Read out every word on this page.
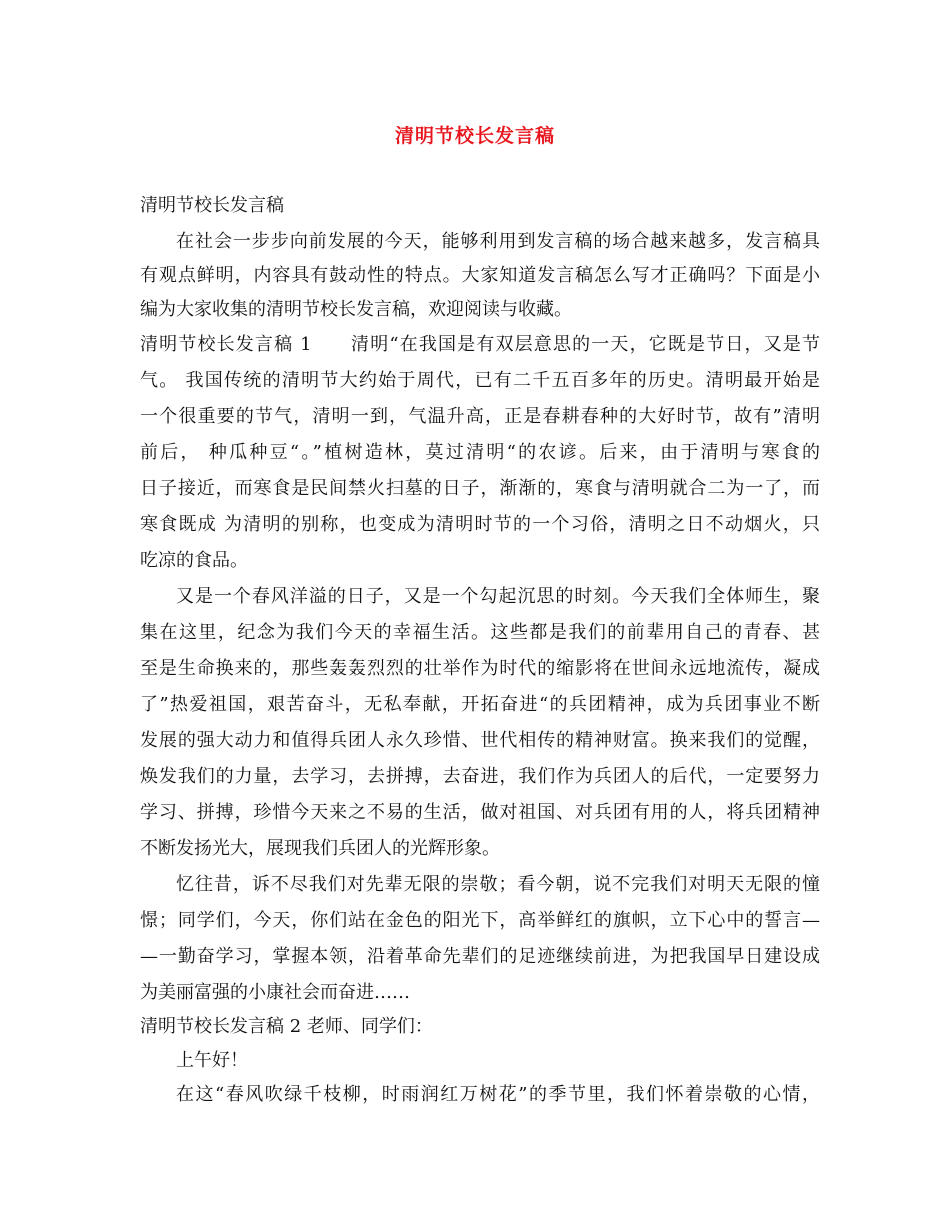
清明节校长发言稿
清明节校长发言稿
在社会一步步向前发展的今天，能够利用到发言稿的场合越来越多，发言稿具
有观点鲜明，内容具有鼓动性的特点。大家知道发言稿怎么写才正确吗？下面是小
编为大家收集的清明节校长发言稿，欢迎阅读与收藏。
清明节校长发言稿 1　　清明“在我国是有双层意思的一天，它既是节日，又是节
气。 我国传统的清明节大约始于周代，已有二千五百多年的历史。清明最开始是
一个很重要的节气，清明一到，气温升高，正是春耕春种的大好时节，故有”清明
前后， 种瓜种豆“。”植树造林，莫过清明“的农谚。后来，由于清明与寒食的
日子接近，而寒食是民间禁火扫墓的日子，渐渐的，寒食与清明就合二为一了，而
寒食既成 为清明的别称，也变成为清明时节的一个习俗，清明之日不动烟火，只
吃凉的食品。
又是一个春风洋溢的日子，又是一个勾起沉思的时刻。今天我们全体师生，聚
集在这里，纪念为我们今天的幸福生活。这些都是我们的前辈用自己的青春、甚
至是生命换来的，那些轰轰烈烈的壮举作为时代的缩影将在世间永远地流传，凝成
了”热爱祖国，艰苦奋斗，无私奉献，开拓奋进“的兵团精神，成为兵团事业不断
发展的强大动力和值得兵团人永久珍惜、世代相传的精神财富。换来我们的觉醒，
焕发我们的力量，去学习，去拼搏，去奋进，我们作为兵团人的后代，一定要努力
学习、拼搏，珍惜今天来之不易的生活，做对祖国、对兵团有用的人，将兵团精神
不断发扬光大，展现我们兵团人的光辉形象。
忆往昔，诉不尽我们对先辈无限的崇敬；看今朝，说不完我们对明天无限的憧
憬；同学们，今天，你们站在金色的阳光下，高举鲜红的旗帜，立下心中的誓言—
—一勤奋学习，掌握本领，沿着革命先辈们的足迹继续前进，为把我国早日建设成
为美丽富强的小康社会而奋进……
清明节校长发言稿 2 老师、同学们：
上午好！
在这“春风吹绿千枝柳，时雨润红万树花”的季节里，我们怀着崇敬的心情，
